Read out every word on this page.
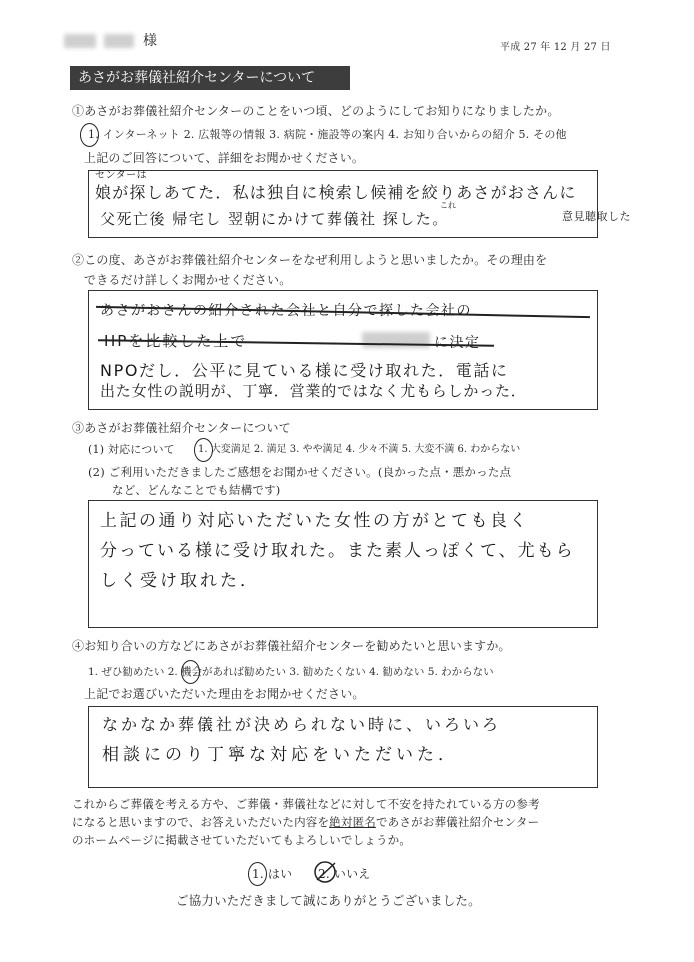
様	平成 27 年 12 月 27 日
あさがお葬儀社紹介センターについて
①あさがお葬儀社紹介センターのことをいつ頃、どのようにしてお知りになりましたか。
1. インターネット 2. 広報等の情報 3. 病院・施設等の案内 4. お知り合いからの紹介 5. その他
上記のご回答について、詳細をお聞かせください。
センターは
娘が探しあてた．私は独自に検索し候補を絞りあさがおさんに
意見聴取した
父死亡後 帰宅し 翌朝にかけて葬儀社 探した。
これ
②この度、あさがお葬儀社紹介センターをなぜ利用しようと思いましたか。その理由を
できるだけ詳しくお聞かせください。
あさがおさんの紹介された会社と自分で探した会社の
HPを比較した上で	に決定
NPOだし．公平に見ている様に受け取れた．電話に
出た女性の説明が、丁寧．営業的ではなく尤もらしかった．
③あさがお葬儀社紹介センターについて
(1) 対応について 1. 大変満足 2. 満足 3. やや満足 4. 少々不満 5. 大変不満 6. わからない
(2) ご利用いただきましたご感想をお聞かせください。(良かった点・悪かった点
など、どんなことでも結構です)
上記の通り対応いただいた女性の方がとても良く
分っている様に受け取れた。また素人っぽくて、尤もら
しく受け取れた．
④お知り合いの方などにあさがお葬儀社紹介センターを勧めたいと思いますか。
1. ぜひ勧めたい 2. 機会があれば勧めたい 3. 勧めたくない 4. 勧めない 5. わからない
上記でお選びいただいた理由をお聞かせください。
なかなか葬儀社が決められない時に、いろいろ
相談にのり丁寧な対応をいただいた．
これからご葬儀を考える方や、ご葬儀・葬儀社などに対して不安を持たれている方の参考
になると思いますので、お答えいただいた内容を絶対匿名であさがお葬儀社紹介センター
のホームページに掲載させていただいてもよろしいでしょうか。
1. はい 2. いいえ
ご協力いただきまして誠にありがとうございました。
